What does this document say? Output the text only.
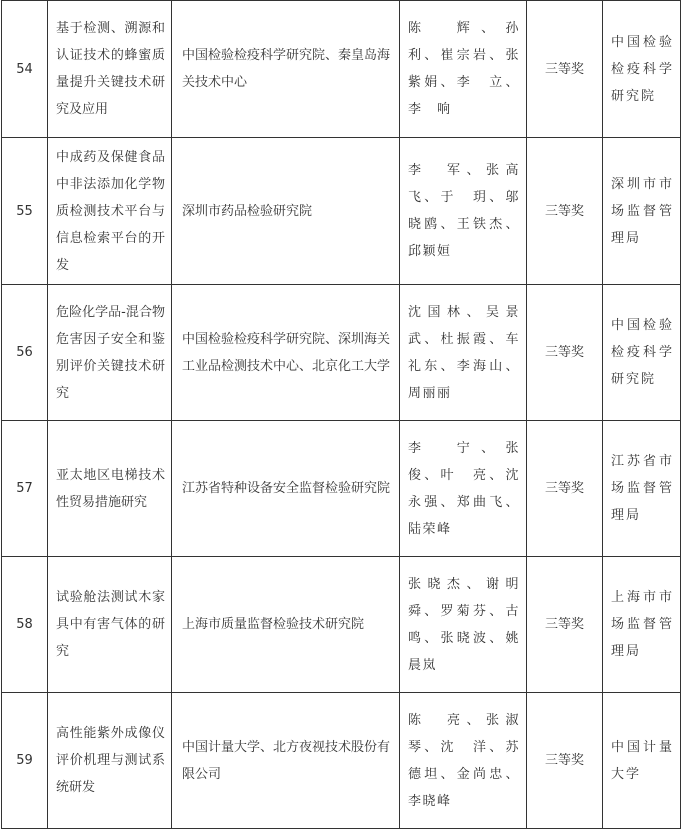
54	基于检测、溯源和认证技术的蜂蜜质量提升关键技术研究及应用	中国检验检疫科学研究院、秦皇岛海关技术中心	陈　辉、孙　利、崔宗岩、张紫娟、李　立、李　响	三等奖	中国检验检疫科学研究院
55	中成药及保健食品中非法添加化学物质检测技术平台与信息检索平台的开发	深圳市药品检验研究院	李　军、张高飞、于　玥、邬晓鸥、王铁杰、邱颖姮	三等奖	深圳市市场监督管理局
56	危险化学品-混合物危害因子安全和鉴别评价关键技术研究	中国检验检疫科学研究院、深圳海关工业品检测技术中心、北京化工大学	沈国林、吴景武、杜振霞、车礼东、李海山、周丽丽	三等奖	中国检验检疫科学研究院
57	亚太地区电梯技术性贸易措施研究	江苏省特种设备安全监督检验研究院	李　宁、张　俊、叶　亮、沈永强、郑曲飞、陆荣峰	三等奖	江苏省市场监督管理局
58	试验舱法测试木家具中有害气体的研究	上海市质量监督检验技术研究院	张晓杰、谢明舜、罗菊芬、古　鸣、张晓波、姚晨岚	三等奖	上海市市场监督管理局
59	高性能紫外成像仪评价机理与测试系统研发	中国计量大学、北方夜视技术股份有限公司	陈　亮、张淑琴、沈　洋、苏德坦、金尚忠、李晓峰	三等奖	中国计量大学
